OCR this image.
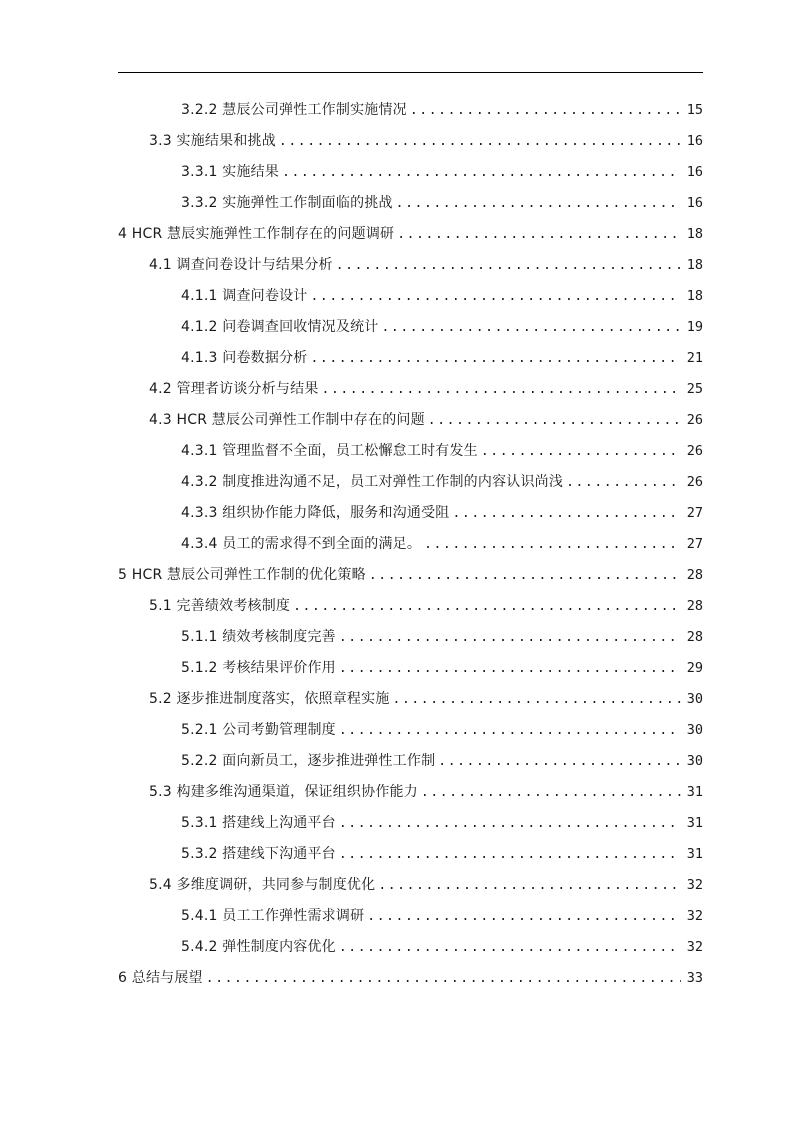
3.2.2 慧辰公司弹性工作制实施情况 .....	15
3.3 实施结果和挑战 .....	16
3.3.1 实施结果 .....	16
3.3.2 实施弹性工作制面临的挑战 .....	16
4 HCR 慧辰实施弹性工作制存在的问题调研 .....	18
4.1 调查问卷设计与结果分析 .....	18
4.1.1 调查问卷设计 .....	18
4.1.2 问卷调查回收情况及统计 .....	19
4.1.3 问卷数据分析 .....	21
4.2 管理者访谈分析与结果 .....	25
4.3 HCR 慧辰公司弹性工作制中存在的问题 .....	26
4.3.1 管理监督不全面，员工松懈怠工时有发生 .....	26
4.3.2 制度推进沟通不足，员工对弹性工作制的内容认识尚浅 .....	26
4.3.3 组织协作能力降低，服务和沟通受阻 .....	27
4.3.4 员工的需求得不到全面的满足。 .....	27
5 HCR 慧辰公司弹性工作制的优化策略 .....	28
5.1 完善绩效考核制度 .....	28
5.1.1 绩效考核制度完善 .....	28
5.1.2 考核结果评价作用 .....	29
5.2 逐步推进制度落实，依照章程实施 .....	30
5.2.1 公司考勤管理制度 .....	30
5.2.2 面向新员工，逐步推进弹性工作制 .....	30
5.3 构建多维沟通渠道，保证组织协作能力 .....	31
5.3.1 搭建线上沟通平台 .....	31
5.3.2 搭建线下沟通平台 .....	31
5.4 多维度调研，共同参与制度优化 .....	32
5.4.1 员工工作弹性需求调研 .....	32
5.4.2 弹性制度内容优化 .....	32
6 总结与展望 .....	33
